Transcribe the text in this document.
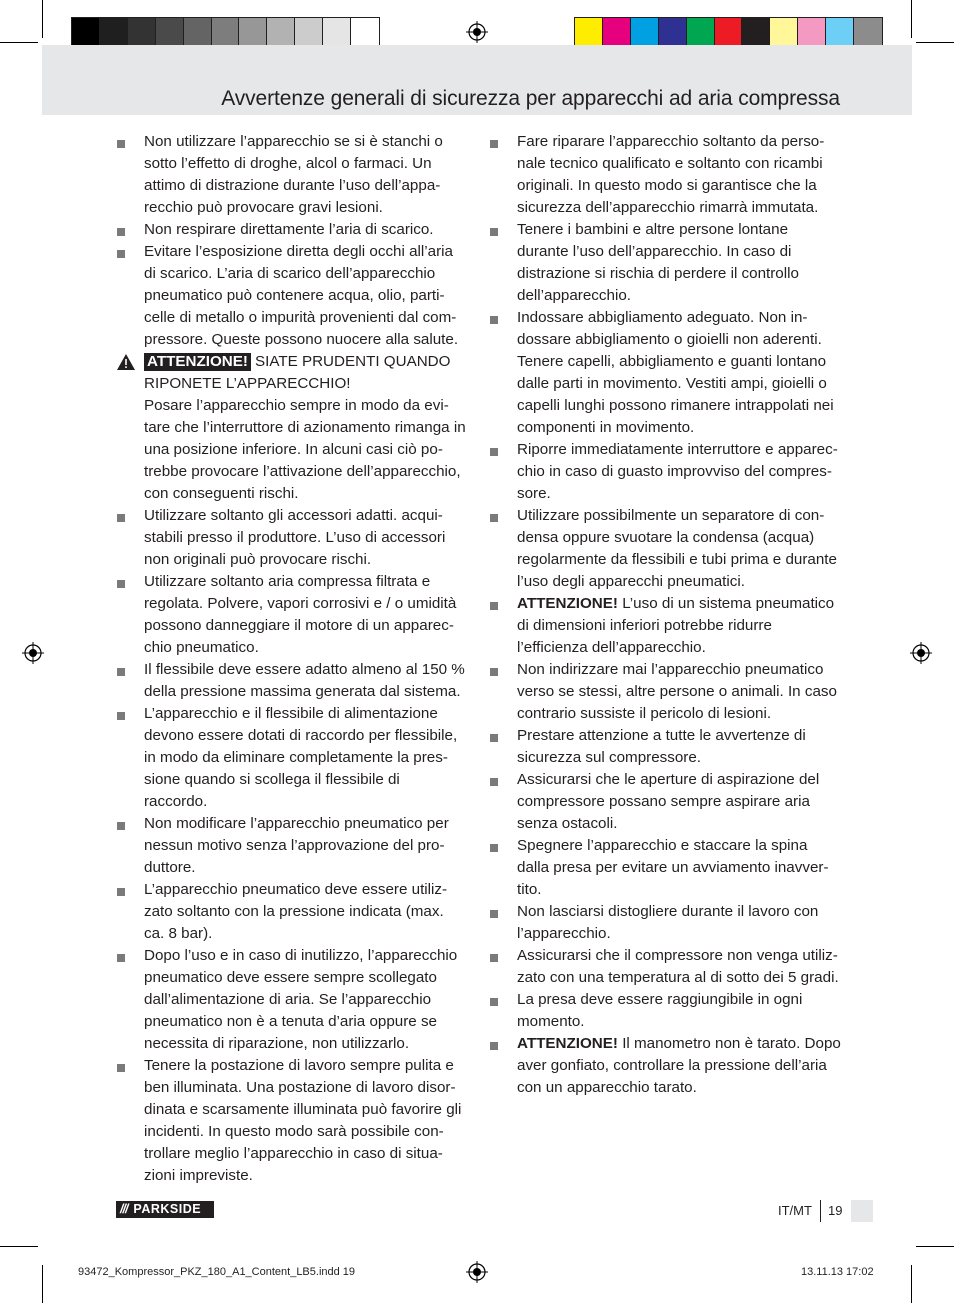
Avvertenze generali di sicurezza per apparecchi ad aria compressa
Non utilizzare l’apparecchio se si è stanchi o sotto l’effetto di droghe, alcol o farmaci. Un attimo di distrazione durante l’uso dell’apparecchio può provocare gravi lesioni.
Non respirare direttamente l’aria di scarico.
Evitare l’esposizione diretta degli occhi all’aria di scarico. L’aria di scarico dell’apparecchio pneumatico può contenere acqua, olio, particelle di metallo o impurità provenienti dal compressore. Queste possono nuocere alla salute.
ATTENZIONE! SIATE PRUDENTI QUANDO RIPONETE L’APPARECCHIO!
Posare l’apparecchio sempre in modo da evitare che l’interruttore di azionamento rimanga in una posizione inferiore. In alcuni casi ciò potrebbe provocare l’attivazione dell’apparecchio, con conseguenti rischi.
Utilizzare soltanto gli accessori adatti. acquistabili presso il produttore. L’uso di accessori non originali può provocare rischi.
Utilizzare soltanto aria compressa filtrata e regolata. Polvere, vapori corrosivi e / o umidità possono danneggiare il motore di un apparecchio pneumatico.
Il flessibile deve essere adatto almeno al 150 % della pressione massima generata dal sistema.
L’apparecchio e il flessibile di alimentazione devono essere dotati di raccordo per flessibile, in modo da eliminare completamente la pressione quando si scollega il flessibile di raccordo.
Non modificare l’apparecchio pneumatico per nessun motivo senza l’approvazione del produttore.
L’apparecchio pneumatico deve essere utilizzato soltanto con la pressione indicata (max. ca. 8 bar).
Dopo l’uso e in caso di inutilizzo, l’apparecchio pneumatico deve essere sempre scollegato dall’alimentazione di aria. Se l’apparecchio pneumatico non è a tenuta d’aria oppure se necessita di riparazione, non utilizzarlo.
Tenere la postazione di lavoro sempre pulita e ben illuminata. Una postazione di lavoro disordinata e scarsamente illuminata può favorire gli incidenti. In questo modo sarà possibile controllare meglio l’apparecchio in caso di situazioni impreviste.
Fare riparare l’apparecchio soltanto da personale tecnico qualificato e soltanto con ricambi originali. In questo modo si garantisce che la sicurezza dell’apparecchio rimarrà immutata.
Tenere i bambini e altre persone lontane durante l’uso dell’apparecchio. In caso di distrazione si rischia di perdere il controllo dell’apparecchio.
Indossare abbigliamento adeguato. Non indossare abbigliamento o gioielli non aderenti. Tenere capelli, abbigliamento e guanti lontano dalle parti in movimento. Vestiti ampi, gioielli o capelli lunghi possono rimanere intrappolati nei componenti in movimento.
Riporre immediatamente interruttore e apparecchio in caso di guasto improvviso del compressore.
Utilizzare possibilmente un separatore di condensa oppure svuotare la condensa (acqua) regolarmente da flessibili e tubi prima e durante l’uso degli apparecchi pneumatici.
ATTENZIONE! L’uso di un sistema pneumatico di dimensioni inferiori potrebbe ridurre l’efficienza dell’apparecchio.
Non indirizzare mai l’apparecchio pneumatico verso se stessi, altre persone o animali. In caso contrario sussiste il pericolo di lesioni.
Prestare attenzione a tutte le avvertenze di sicurezza sul compressore.
Assicurarsi che le aperture di aspirazione del compressore possano sempre aspirare aria senza ostacoli.
Spegnere l’apparecchio e staccare la spina dalla presa per evitare un avviamento inavvertito.
Non lasciarsi distogliere durante il lavoro con l’apparecchio.
Assicurarsi che il compressore non venga utilizzato con una temperatura al di sotto dei 5 gradi.
La presa deve essere raggiungibile in ogni momento.
ATTENZIONE! Il manometro non è tarato. Dopo aver gonfiato, controllare la pressione dell’aria con un apparecchio tarato.
/// PARKSIDE	IT/MT 19
93472_Kompressor_PKZ_180_A1_Content_LB5.indd 19	13.11.13 17:02
